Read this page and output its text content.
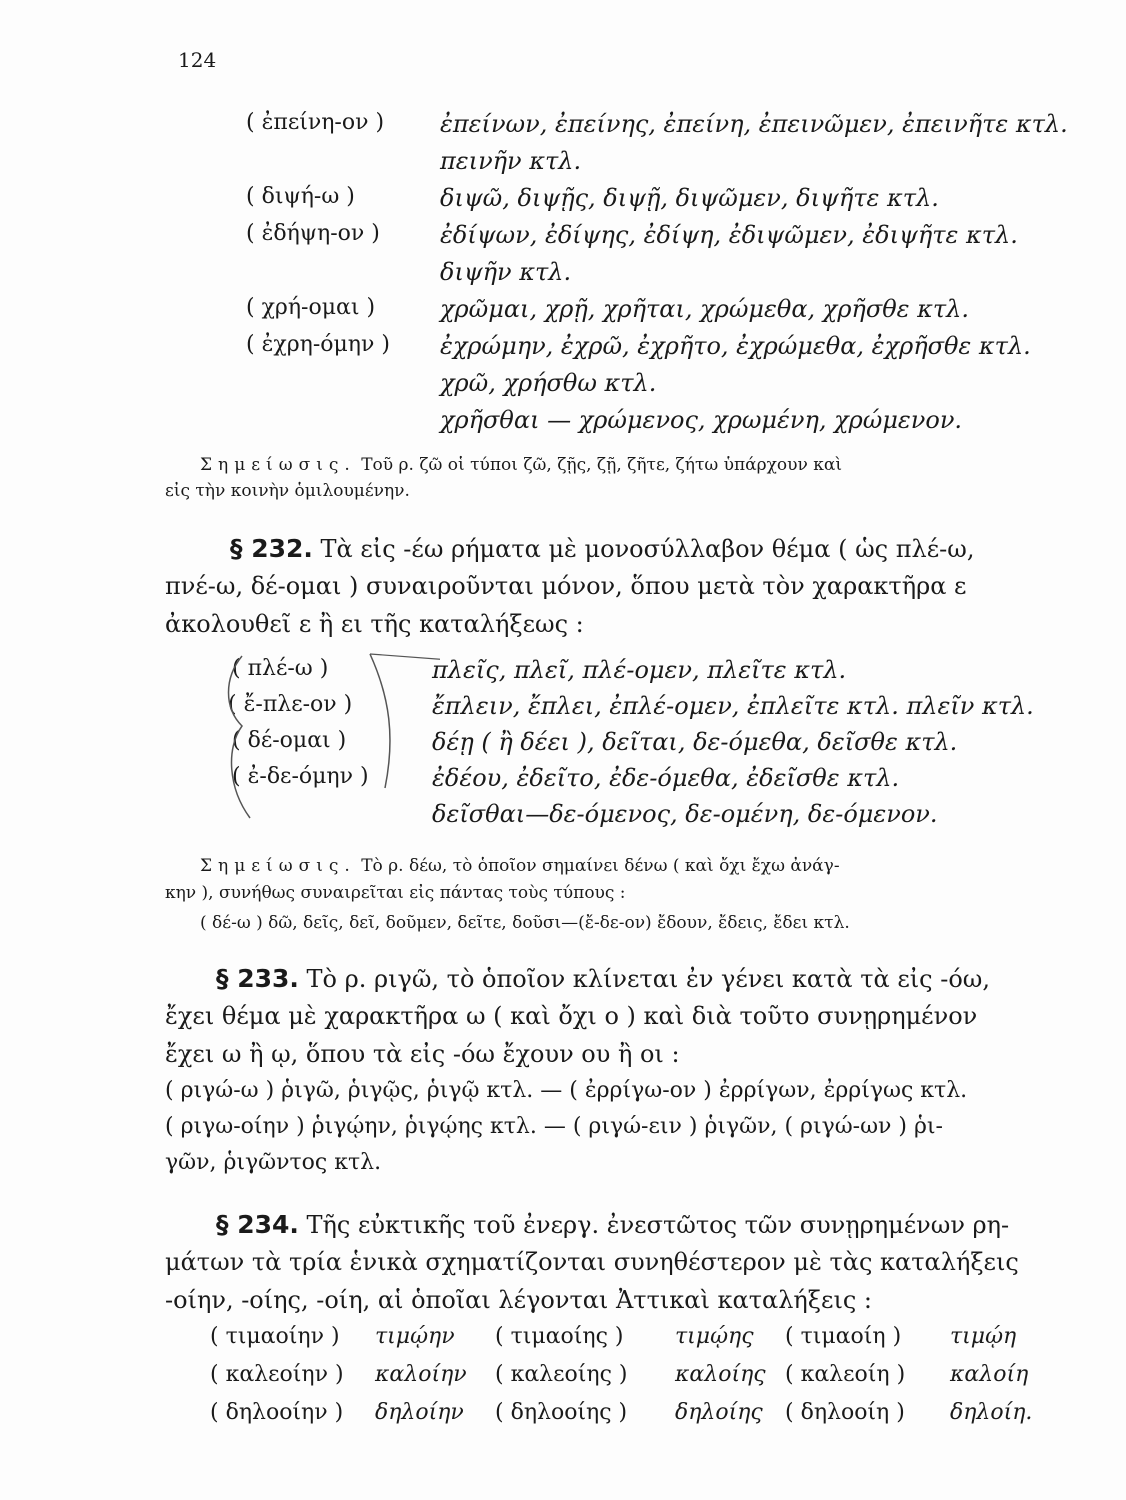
124
( ἐπείνη-ον ) ἐπείνων, ἐπείνης, ἐπείνη, ἐπεινῶμεν, ἐπεινῆτε κτλ.
πεινῆν κτλ.
( διψή-ω )	διψῶ, διψῇς, διψῇ, διψῶμεν, διψῆτε κτλ.
( ἐδήψη-ον )	ἐδίψων, ἐδίψης, ἐδίψη, ἐδιψῶμεν, ἐδιψῆτε κτλ.
διψῆν κτλ.
( χρή-ομαι )	χρῶμαι, χρῇ, χρῆται, χρώμεθα, χρῆσθε κτλ.
( ἐχρη-όμην ) ἐχρώμην, ἐχρῶ, ἐχρῆτο, ἐχρώμεθα, ἐχρῆσθε κτλ.
χρῶ, χρήσθω κτλ.
χρῆσθαι — χρώμενος, χρωμένη, χρώμενον.
Σημείωσις. Τοῦ ρ. ζῶ οἱ τύποι ζῶ, ζῇς, ζῇ, ζῆτε, ζήτω ὑπάρχουν καὶ
εἰς τὴν κοινὴν ὁμιλουμένην.
§ 232. Τὰ εἰς -έω ρήματα μὲ μονοσύλλαβον θέμα ( ὡς πλέ-ω,
πνέ-ω, δέ-ομαι ) συναιροῦνται μόνον, ὅπου μετὰ τὸν χαρακτῆρα ε
ἀκολουθεῖ ε ἢ ει τῆς καταλήξεως :
( πλέ-ω )	πλεῖς, πλεῖ, πλέ-ομεν, πλεῖτε κτλ.
( ἔ-πλε-ον )	ἔπλειν, ἔπλει, ἐπλέ-ομεν, ἐπλεῖτε κτλ. πλεῖν κτλ.
( δέ-ομαι )	δέῃ ( ἢ δέει ), δεῖται, δε-όμεθα, δεῖσθε κτλ.
( ἐ-δε-όμην )	ἐδέου, ἐδεῖτο, ἐδε-όμεθα, ἐδεῖσθε κτλ.
δεῖσθαι—δε-όμενος, δε-ομένη, δε-όμενον.
Σημείωσις. Τὸ ρ. δέω, τὸ ὁποῖον σημαίνει δένω ( καὶ ὄχι ἔχω ἀνάγ-
κην ), συνήθως συναιρεῖται εἰς πάντας τοὺς τύπους :
( δέ-ω ) δῶ, δεῖς, δεῖ, δοῦμεν, δεῖτε, δοῦσι—(ἔ-δε-ον) ἔδουν, ἔδεις, ἔδει κτλ.
§ 233. Τὸ ρ. ριγῶ, τὸ ὁποῖον κλίνεται ἐν γένει κατὰ τὰ εἰς -όω,
ἔχει θέμα μὲ χαρακτῆρα ω ( καὶ ὄχι ο ) καὶ διὰ τοῦτο συνῃρημένον
ἔχει ω ἢ ῳ, ὅπου τὰ εἰς -όω ἔχουν ου ἢ οι :
( ριγώ-ω ) ῥιγῶ, ῥιγῷς, ῥιγῷ κτλ. — ( ἐρρίγω-ον ) ἐρρίγων, ἐρρίγως κτλ.
( ριγω-οίην ) ῥιγῴην, ῥιγῴης κτλ. — ( ριγώ-ειν ) ῥιγῶν, ( ριγώ-ων ) ῥι-
γῶν, ῥιγῶντος κτλ.
§ 234. Τῆς εὐκτικῆς τοῦ ἐνεργ. ἐνεστῶτος τῶν συνῃρημένων ρη-
μάτων τὰ τρία ἑνικὰ σχηματίζονται συνηθέστερον μὲ τὰς καταλήξεις
-οίην, -οίης, -οίη, αἱ ὁποῖαι λέγονται Ἀττικαὶ καταλήξεις :
( τιμαοίην ) τιμῴην ( τιμαοίης ) τιμῴης ( τιμαοίη ) τιμῴη
( καλεοίην ) καλοίην ( καλεοίης ) καλοίης ( καλεοίη ) καλοίη
( δηλοοίην ) δηλοίην ( δηλοοίης ) δηλοίης ( δηλοοίη ) δηλοίη.
